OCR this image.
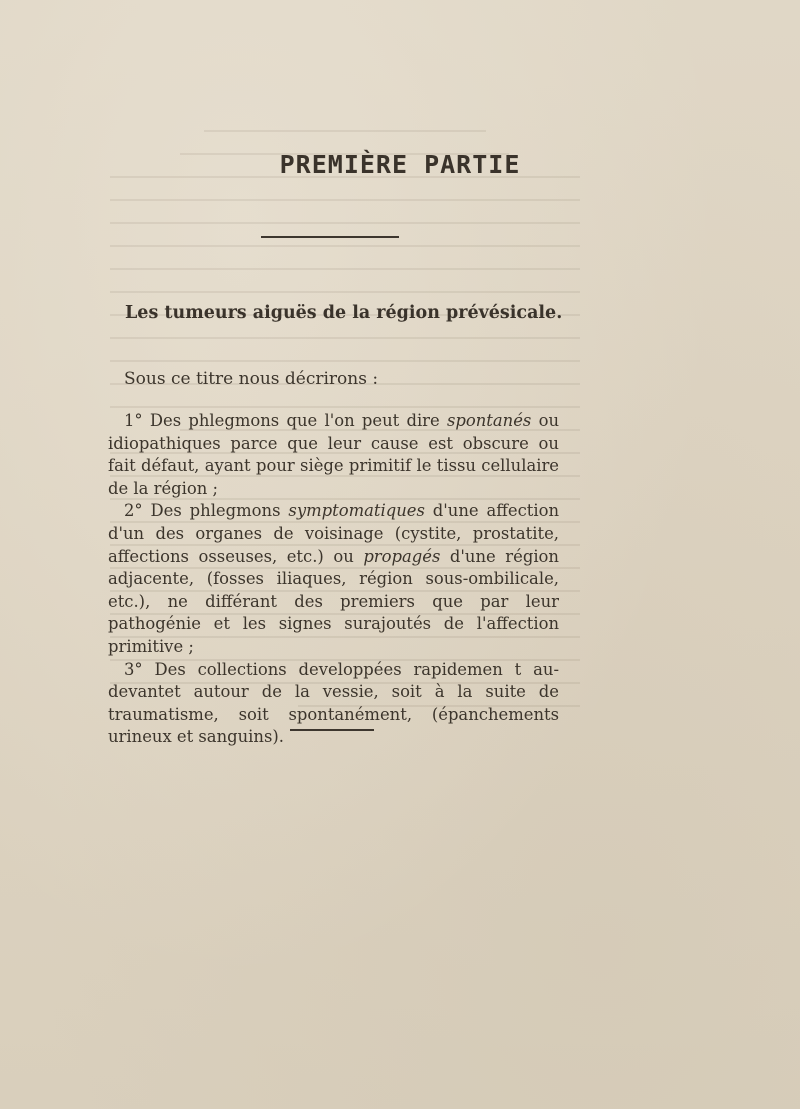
PREMIÈRE PARTIE
Les tumeurs aiguës de la région prévésicale.

Sous ce titre nous décrirons :

1° Des phlegmons que l'on peut dire spontanés ou idiopathiques parce que leur cause est obscure ou fait défaut, ayant pour siège primitif le tissu cellulaire de la région ;

2° Des phlegmons symptomatiques d'une affection d'un des organes de voisinage (cystite, prostatite, affections osseuses, etc.) ou propagés d'une région adjacente, (fosses iliaques, région sous-ombilicale, etc.), ne différant des premiers que par leur pathogénie et les signes surajoutés de l'affection primitive ;

3° Des collections developpées rapidemen t au-devantet autour de la vessie, soit à la suite de traumatisme, soit spontanément, (épanchements urineux et sanguins).
